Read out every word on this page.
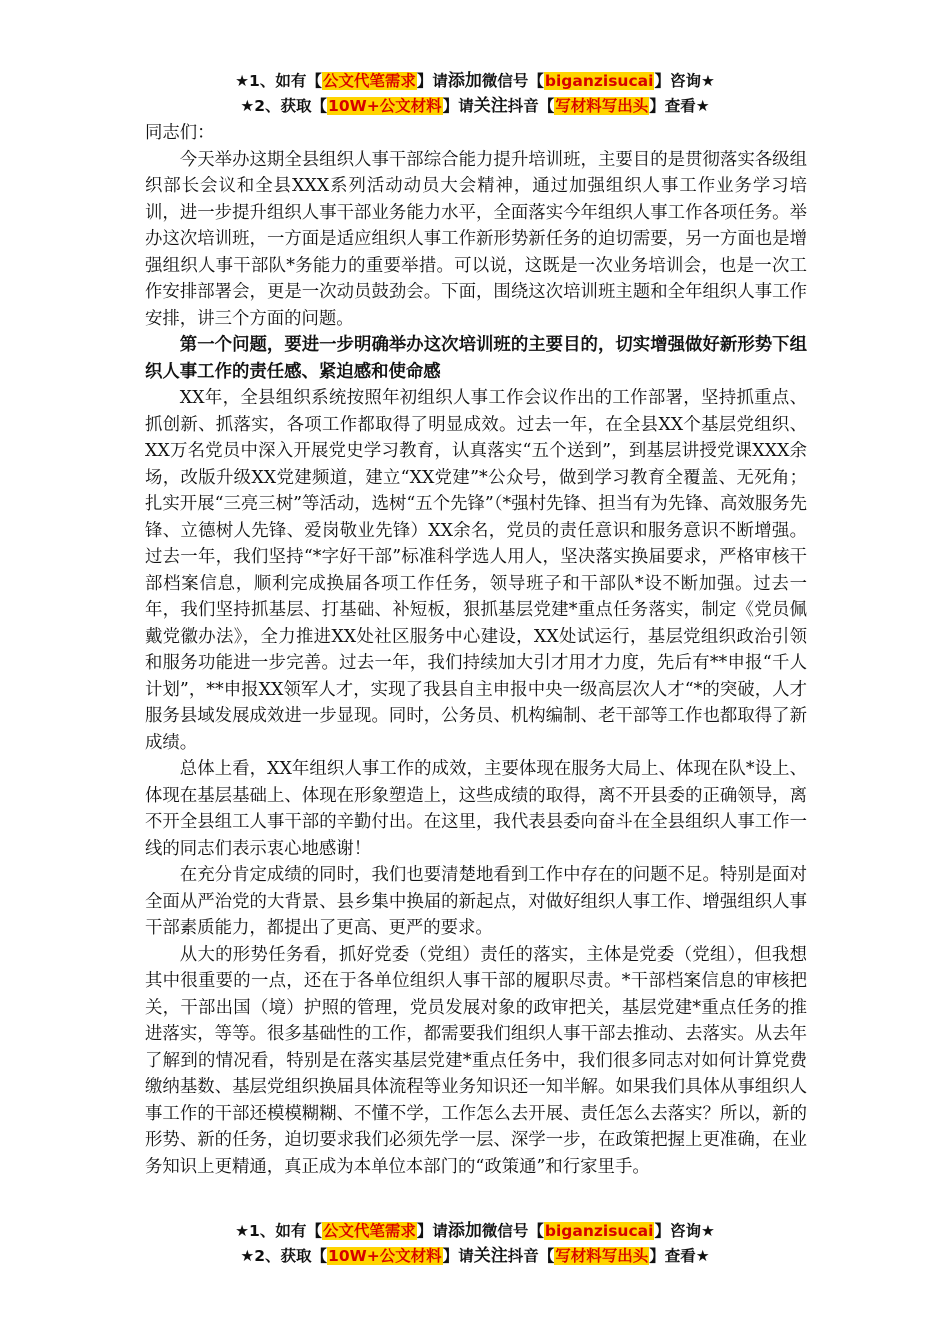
★1、如有【公文代笔需求】请添加微信号【biganzisucai】咨询★
★2、获取【10W+公文材料】请关注抖音【写材料写出头】查看★

同志们：

今天举办这期全县组织人事干部综合能力提升培训班，主要目的是贯彻落实各级组织部长会议和全县XXX系列活动动员大会精神，通过加强组织人事工作业务学习培训，进一步提升组织人事干部业务能力水平，全面落实今年组织人事工作各项任务。举办这次培训班，一方面是适应组织人事工作新形势新任务的迫切需要，另一方面也是增强组织人事干部队*务能力的重要举措。可以说，这既是一次业务培训会，也是一次工作安排部署会，更是一次动员鼓劲会。下面，围绕这次培训班主题和全年组织人事工作安排，讲三个方面的问题。

第一个问题，要进一步明确举办这次培训班的主要目的，切实增强做好新形势下组织人事工作的责任感、紧迫感和使命感

XX年，全县组织系统按照年初组织人事工作会议作出的工作部署，坚持抓重点、抓创新、抓落实，各项工作都取得了明显成效。过去一年，在全县XX个基层党组织、XX万名党员中深入开展党史学习教育，认真落实“五个送到”，到基层讲授党课XXX余场，改版升级XX党建频道，建立“XX党建”*公众号，做到学习教育全覆盖、无死角；扎实开展“三亮三树”等活动，选树“五个先锋”（*强村先锋、担当有为先锋、高效服务先锋、立德树人先锋、爱岗敬业先锋）XX余名，党员的责任意识和服务意识不断增强。过去一年，我们坚持“*字好干部”标准科学选人用人，坚决落实换届要求，严格审核干部档案信息，顺利完成换届各项工作任务，领导班子和干部队*设不断加强。过去一年，我们坚持抓基层、打基础、补短板，狠抓基层党建*重点任务落实，制定《党员佩戴党徽办法》，全力推进XX处社区服务中心建设，XX处试运行，基层党组织政治引领和服务功能进一步完善。过去一年，我们持续加大引才用才力度，先后有**申报“千人计划”，**申报XX领军人才，实现了我县自主申报中央一级高层次人才“*的突破，人才服务县域发展成效进一步显现。同时，公务员、机构编制、老干部等工作也都取得了新成绩。

总体上看，XX年组织人事工作的成效，主要体现在服务大局上、体现在队*设上、体现在基层基础上、体现在形象塑造上，这些成绩的取得，离不开县委的正确领导，离不开全县组工人事干部的辛勤付出。在这里，我代表县委向奋斗在全县组织人事工作一线的同志们表示衷心地感谢！

在充分肯定成绩的同时，我们也要清楚地看到工作中存在的问题不足。特别是面对全面从严治党的大背景、县乡集中换届的新起点，对做好组织人事工作、增强组织人事干部素质能力，都提出了更高、更严的要求。

从大的形势任务看，抓好党委（党组）责任的落实，主体是党委（党组），但我想其中很重要的一点，还在于各单位组织人事干部的履职尽责。*干部档案信息的审核把关，干部出国（境）护照的管理，党员发展对象的政审把关，基层党建*重点任务的推进落实，等等。很多基础性的工作，都需要我们组织人事干部去推动、去落实。从去年了解到的情况看，特别是在落实基层党建*重点任务中，我们很多同志对如何计算党费缴纳基数、基层党组织换届具体流程等业务知识还一知半解。如果我们具体从事组织人事工作的干部还模模糊糊、不懂不学，工作怎么去开展、责任怎么去落实？所以，新的形势、新的任务，迫切要求我们必须先学一层、深学一步，在政策把握上更准确，在业务知识上更精通，真正成为本单位本部门的“政策通”和行家里手。

★1、如有【公文代笔需求】请添加微信号【biganzisucai】咨询★
★2、获取【10W+公文材料】请关注抖音【写材料写出头】查看★
